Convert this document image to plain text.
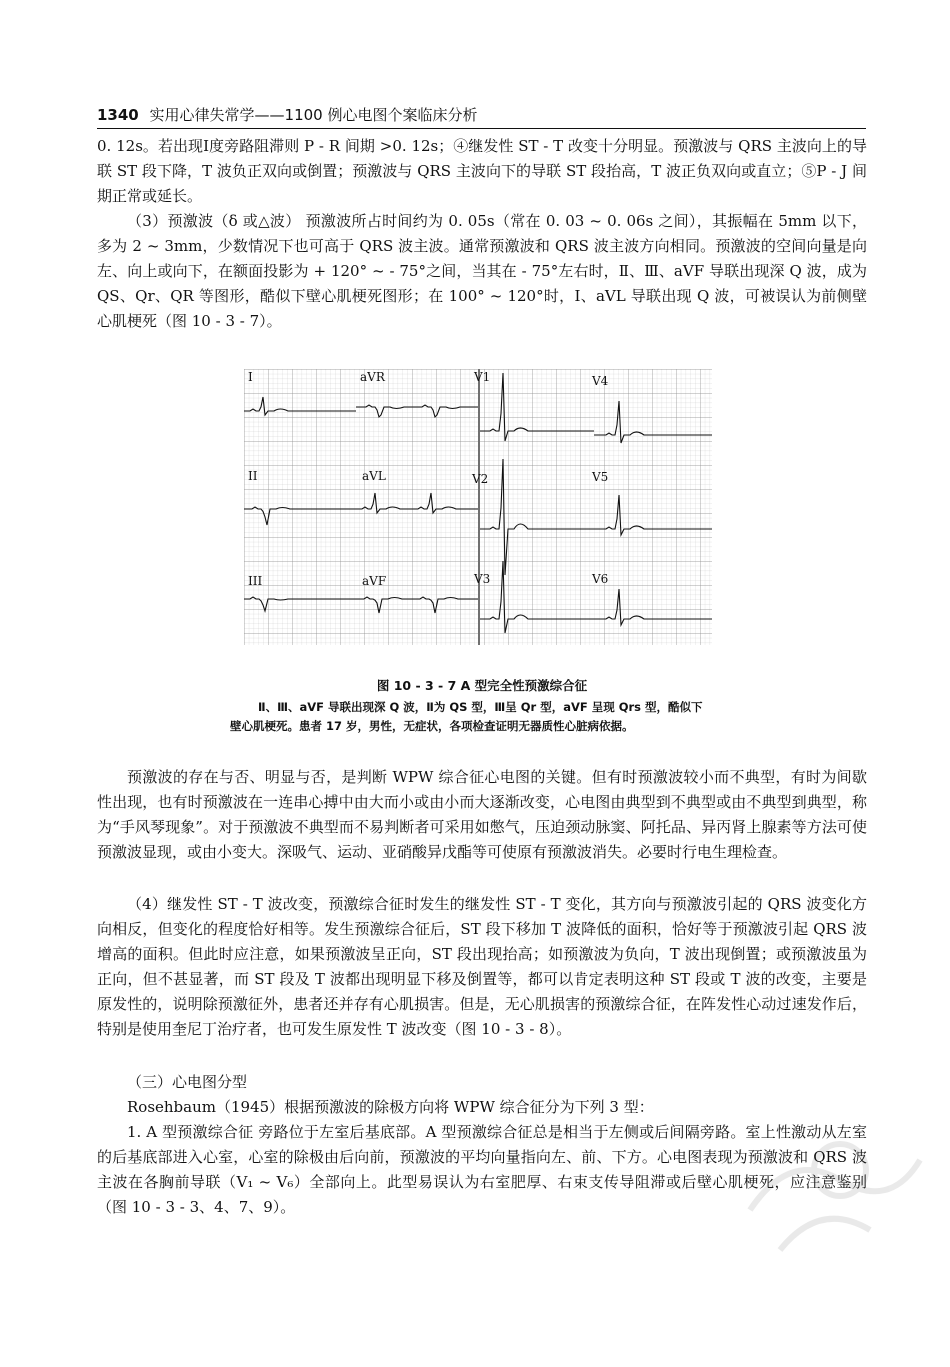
1340 实用心律失常学——1100 例心电图个案临床分析

0. 12s。若出现Ⅰ度旁路阻滞则 P - R 间期 >0. 12s；④继发性 ST - T 改变十分明显。预激波与 QRS 主波向上的导联 ST 段下降，T 波负正双向或倒置；预激波与 QRS 主波向下的导联 ST 段抬高，T 波正负双向或直立；⑤P - J 间期正常或延长。

（3）预激波（δ 或△波） 预激波所占时间约为 0. 05s（常在 0. 03 ~ 0. 06s 之间），其振幅在 5mm 以下，多为 2 ~ 3mm，少数情况下也可高于 QRS 波主波。通常预激波和 QRS 波主波方向相同。预激波的空间向量是向左、向上或向下，在额面投影为 + 120° ~ - 75°之间，当其在 - 75°左右时，Ⅱ、Ⅲ、aVF 导联出现深 Q 波，成为 QS、Qr、QR 等图形，酷似下壁心肌梗死图形；在 100° ~ 120°时，Ⅰ、aVL 导联出现 Q 波，可被误认为前侧壁心肌梗死（图 10 - 3 - 7）。

I	aVR	V1	V4
II	aVL	V2	V5
III	aVF	V3	V6
图 10 - 3 - 7 A 型完全性预激综合征
Ⅱ、Ⅲ、aVF 导联出现深 Q 波，Ⅱ为 QS 型，Ⅲ呈 Qr 型，aVF 呈现 Qrs 型，酷似下
壁心肌梗死。患者 17 岁，男性，无症状，各项检查证明无器质性心脏病依据。

预激波的存在与否、明显与否，是判断 WPW 综合征心电图的关键。但有时预激波较小而不典型，有时为间歇性出现，也有时预激波在一连串心搏中由大而小或由小而大逐渐改变，心电图由典型到不典型或由不典型到典型，称为“手风琴现象”。对于预激波不典型而不易判断者可采用如憋气，压迫颈动脉窦、阿托品、异丙肾上腺素等方法可使预激波显现，或由小变大。深吸气、运动、亚硝酸异戊酯等可使原有预激波消失。必要时行电生理检查。

（4）继发性 ST - T 波改变，预激综合征时发生的继发性 ST - T 变化，其方向与预激波引起的 QRS 波变化方向相反，但变化的程度恰好相等。发生预激综合征后，ST 段下移加 T 波降低的面积，恰好等于预激波引起 QRS 波增高的面积。但此时应注意，如果预激波呈正向，ST 段出现抬高；如预激波为负向，T 波出现倒置；或预激波虽为正向，但不甚显著，而 ST 段及 T 波都出现明显下移及倒置等，都可以肯定表明这种 ST 段或 T 波的改变，主要是原发性的，说明除预激征外，患者还并存有心肌损害。但是，无心肌损害的预激综合征，在阵发性心动过速发作后，特别是使用奎尼丁治疗者，也可发生原发性 T 波改变（图 10 - 3 - 8）。

（三）心电图分型

Rosehbaum（1945）根据预激波的除极方向将 WPW 综合征分为下列 3 型：

1. A 型预激综合征 旁路位于左室后基底部。A 型预激综合征总是相当于左侧或后间隔旁路。室上性激动从左室的后基底部进入心室，心室的除极由后向前，预激波的平均向量指向左、前、下方。心电图表现为预激波和 QRS 波主波在各胸前导联（V₁ ~ V₆）全部向上。此型易误认为右室肥厚、右束支传导阻滞或后壁心肌梗死，应注意鉴别（图 10 - 3 - 3、4、7、9）。
